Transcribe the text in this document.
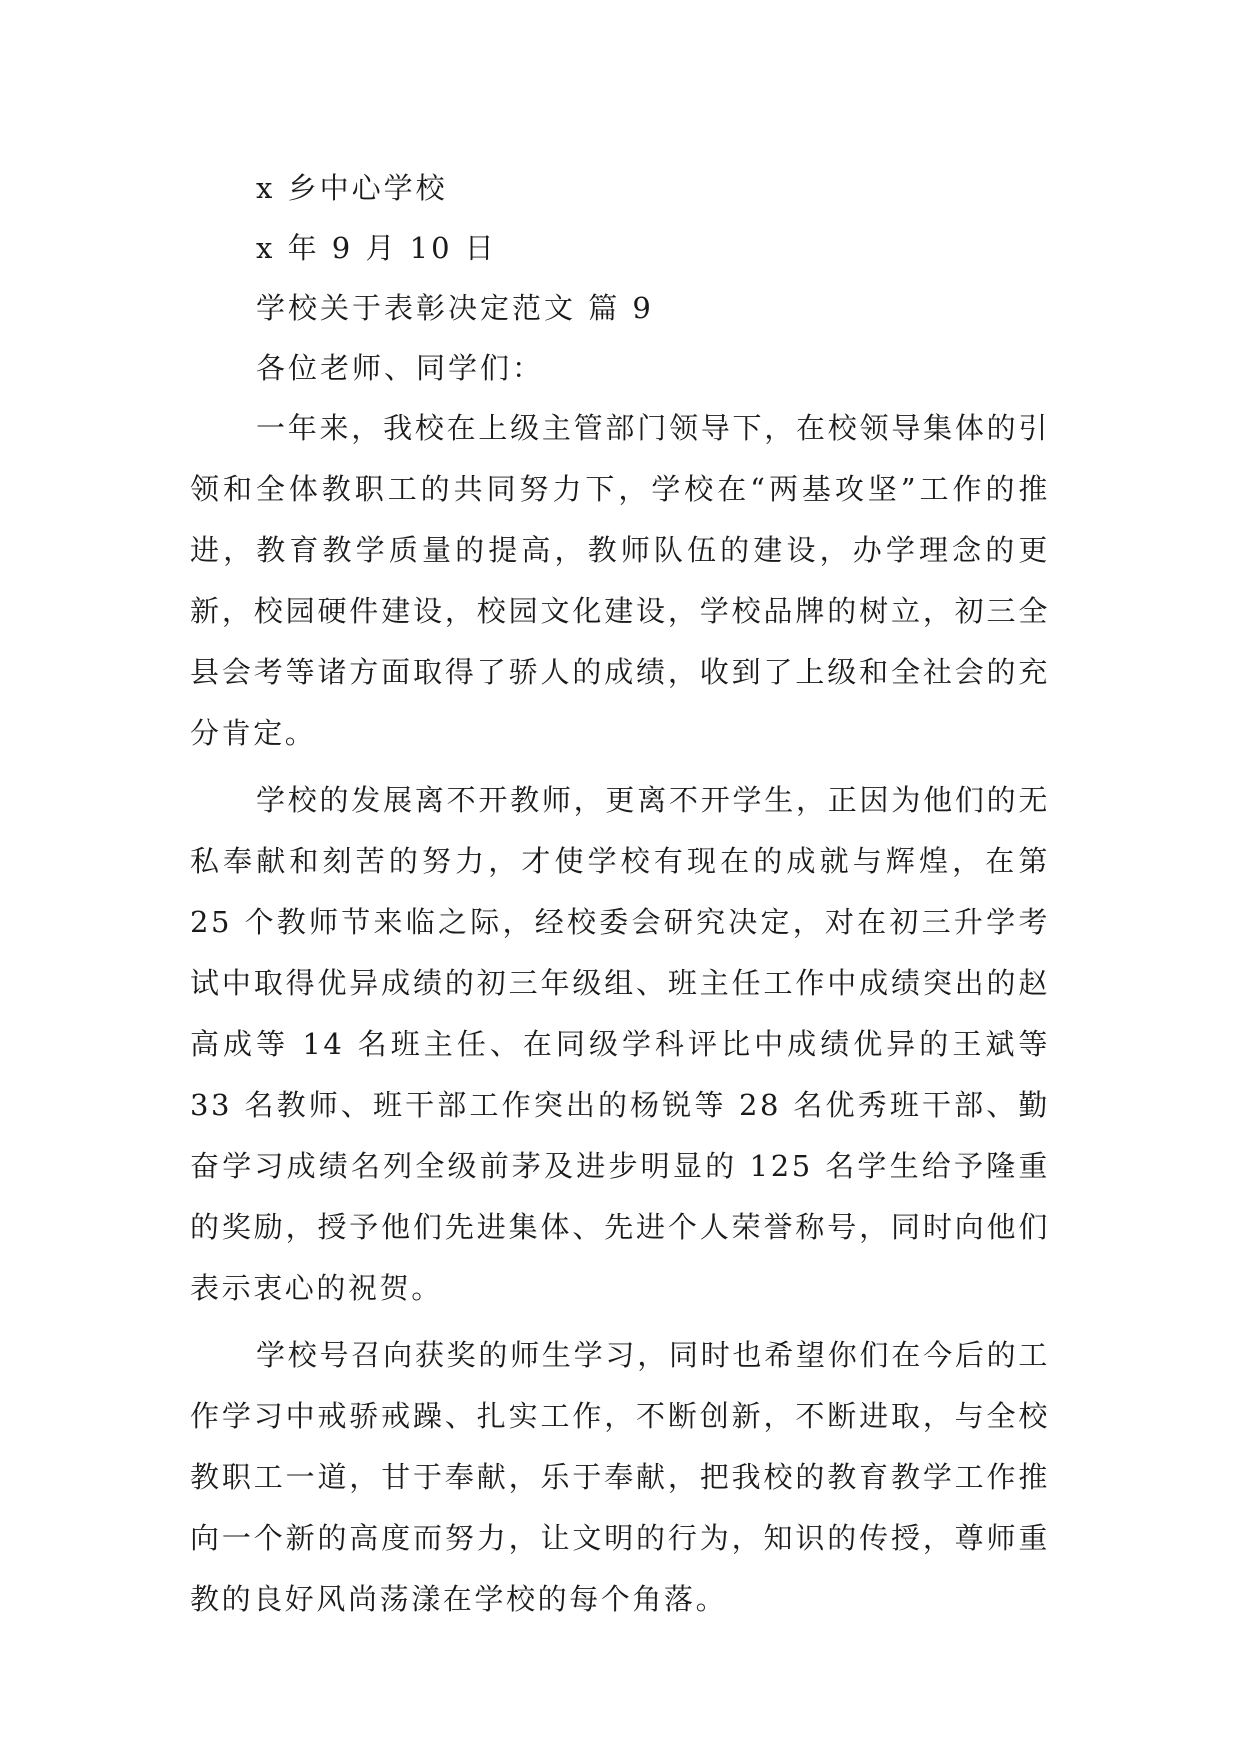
x 乡中心学校

x 年 9 月 10 日

学校关于表彰决定范文 篇 9

各位老师、同学们：

一年来，我校在上级主管部门领导下，在校领导集体的引领和全体教职工的共同努力下，学校在“两基攻坚”工作的推进，教育教学质量的提高，教师队伍的建设，办学理念的更新，校园硬件建设，校园文化建设，学校品牌的树立，初三全县会考等诸方面取得了骄人的成绩，收到了上级和全社会的充分肯定。

学校的发展离不开教师，更离不开学生，正因为他们的无私奉献和刻苦的努力，才使学校有现在的成就与辉煌，在第 25 个教师节来临之际，经校委会研究决定，对在初三升学考试中取得优异成绩的初三年级组、班主任工作中成绩突出的赵高成等 14 名班主任、在同级学科评比中成绩优异的王斌等 33 名教师、班干部工作突出的杨锐等 28 名优秀班干部、勤奋学习成绩名列全级前茅及进步明显的 125 名学生给予隆重的奖励，授予他们先进集体、先进个人荣誉称号，同时向他们表示衷心的祝贺。

学校号召向获奖的师生学习，同时也希望你们在今后的工作学习中戒骄戒躁、扎实工作，不断创新，不断进取，与全校教职工一道，甘于奉献，乐于奉献，把我校的教育教学工作推向一个新的高度而努力，让文明的行为，知识的传授，尊师重教的良好风尚荡漾在学校的每个角落。
